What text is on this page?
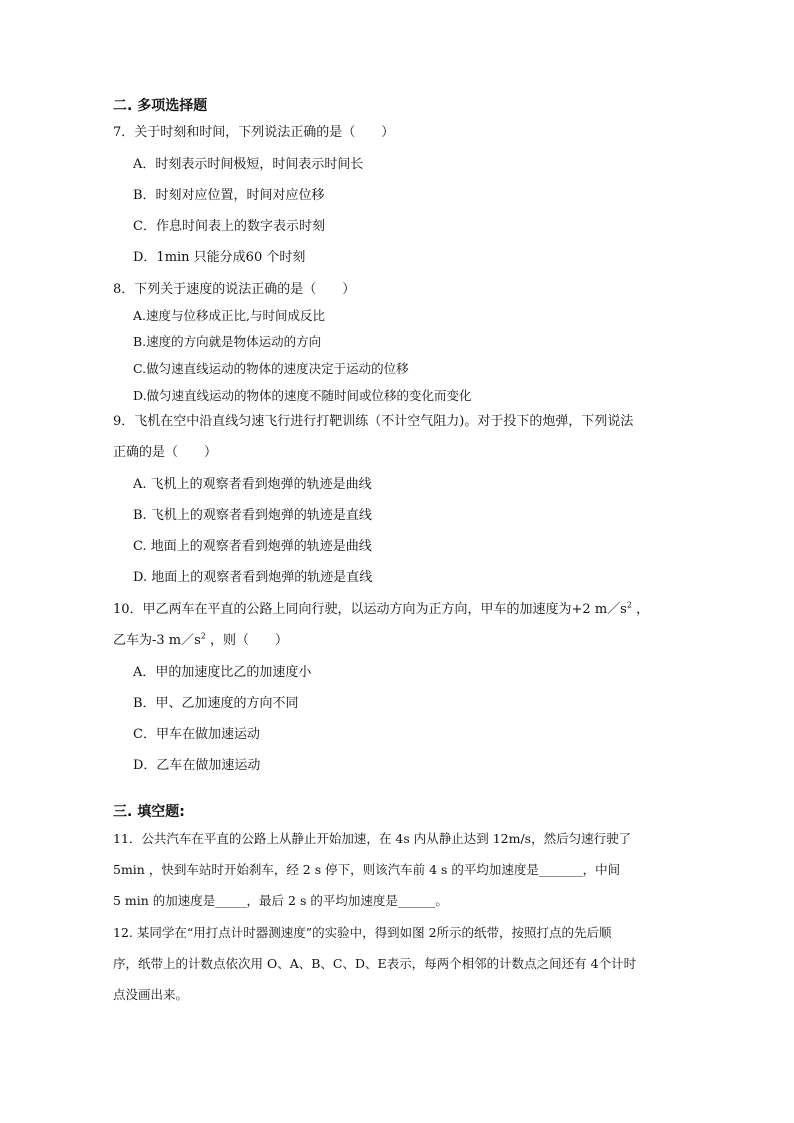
二. 多项选择题
7．关于时刻和时间，下列说法正确的是（　　）
A．时刻表示时间极短，时间表示时间长
B．时刻对应位置，时间对应位移
C．作息时间表上的数字表示时刻
D．1min 只能分成60 个时刻
8．下列关于速度的说法正确的是（　　）
A.速度与位移成正比,与时间成反比
B.速度的方向就是物体运动的方向
C.做匀速直线运动的物体的速度决定于运动的位移
D.做匀速直线运动的物体的速度不随时间或位移的变化而变化
9．飞机在空中沿直线匀速飞行进行打靶训练（不计空气阻力)。对于投下的炮弹，下列说法
正确的是（　　）
A. 飞机上的观察者看到炮弹的轨迹是曲线
B. 飞机上的观察者看到炮弹的轨迹是直线
C. 地面上的观察者看到炮弹的轨迹是曲线
D. 地面上的观察者看到炮弹的轨迹是直线
10．甲乙两车在平直的公路上同向行驶，以运动方向为正方向，甲车的加速度为+2 $m/s^2$ ，
乙车为-3 $m/s^2$ ，则（　　）
A．甲的加速度比乙的加速度小
B．甲、乙加速度的方向不同
C．甲车在做加速运动
D．乙车在做加速运动
三. 填空题:
11．公共汽车在平直的公路上从静止开始加速，在 4s 内从静止达到 12m/s，然后匀速行驶了
5min ，快到车站时开始刹车，经 2 s 停下，则该汽车前 4 s 的平均加速度是_______，中间
5 min 的加速度是_____，最后 2 s 的平均加速度是______。
12. 某同学在“用打点计时器测速度”的实验中，得到如图 2所示的纸带，按照打点的先后顺
序，纸带上的计数点依次用 O、A、B、C、D、E表示，每两个相邻的计数点之间还有 4个计时
点没画出来。
